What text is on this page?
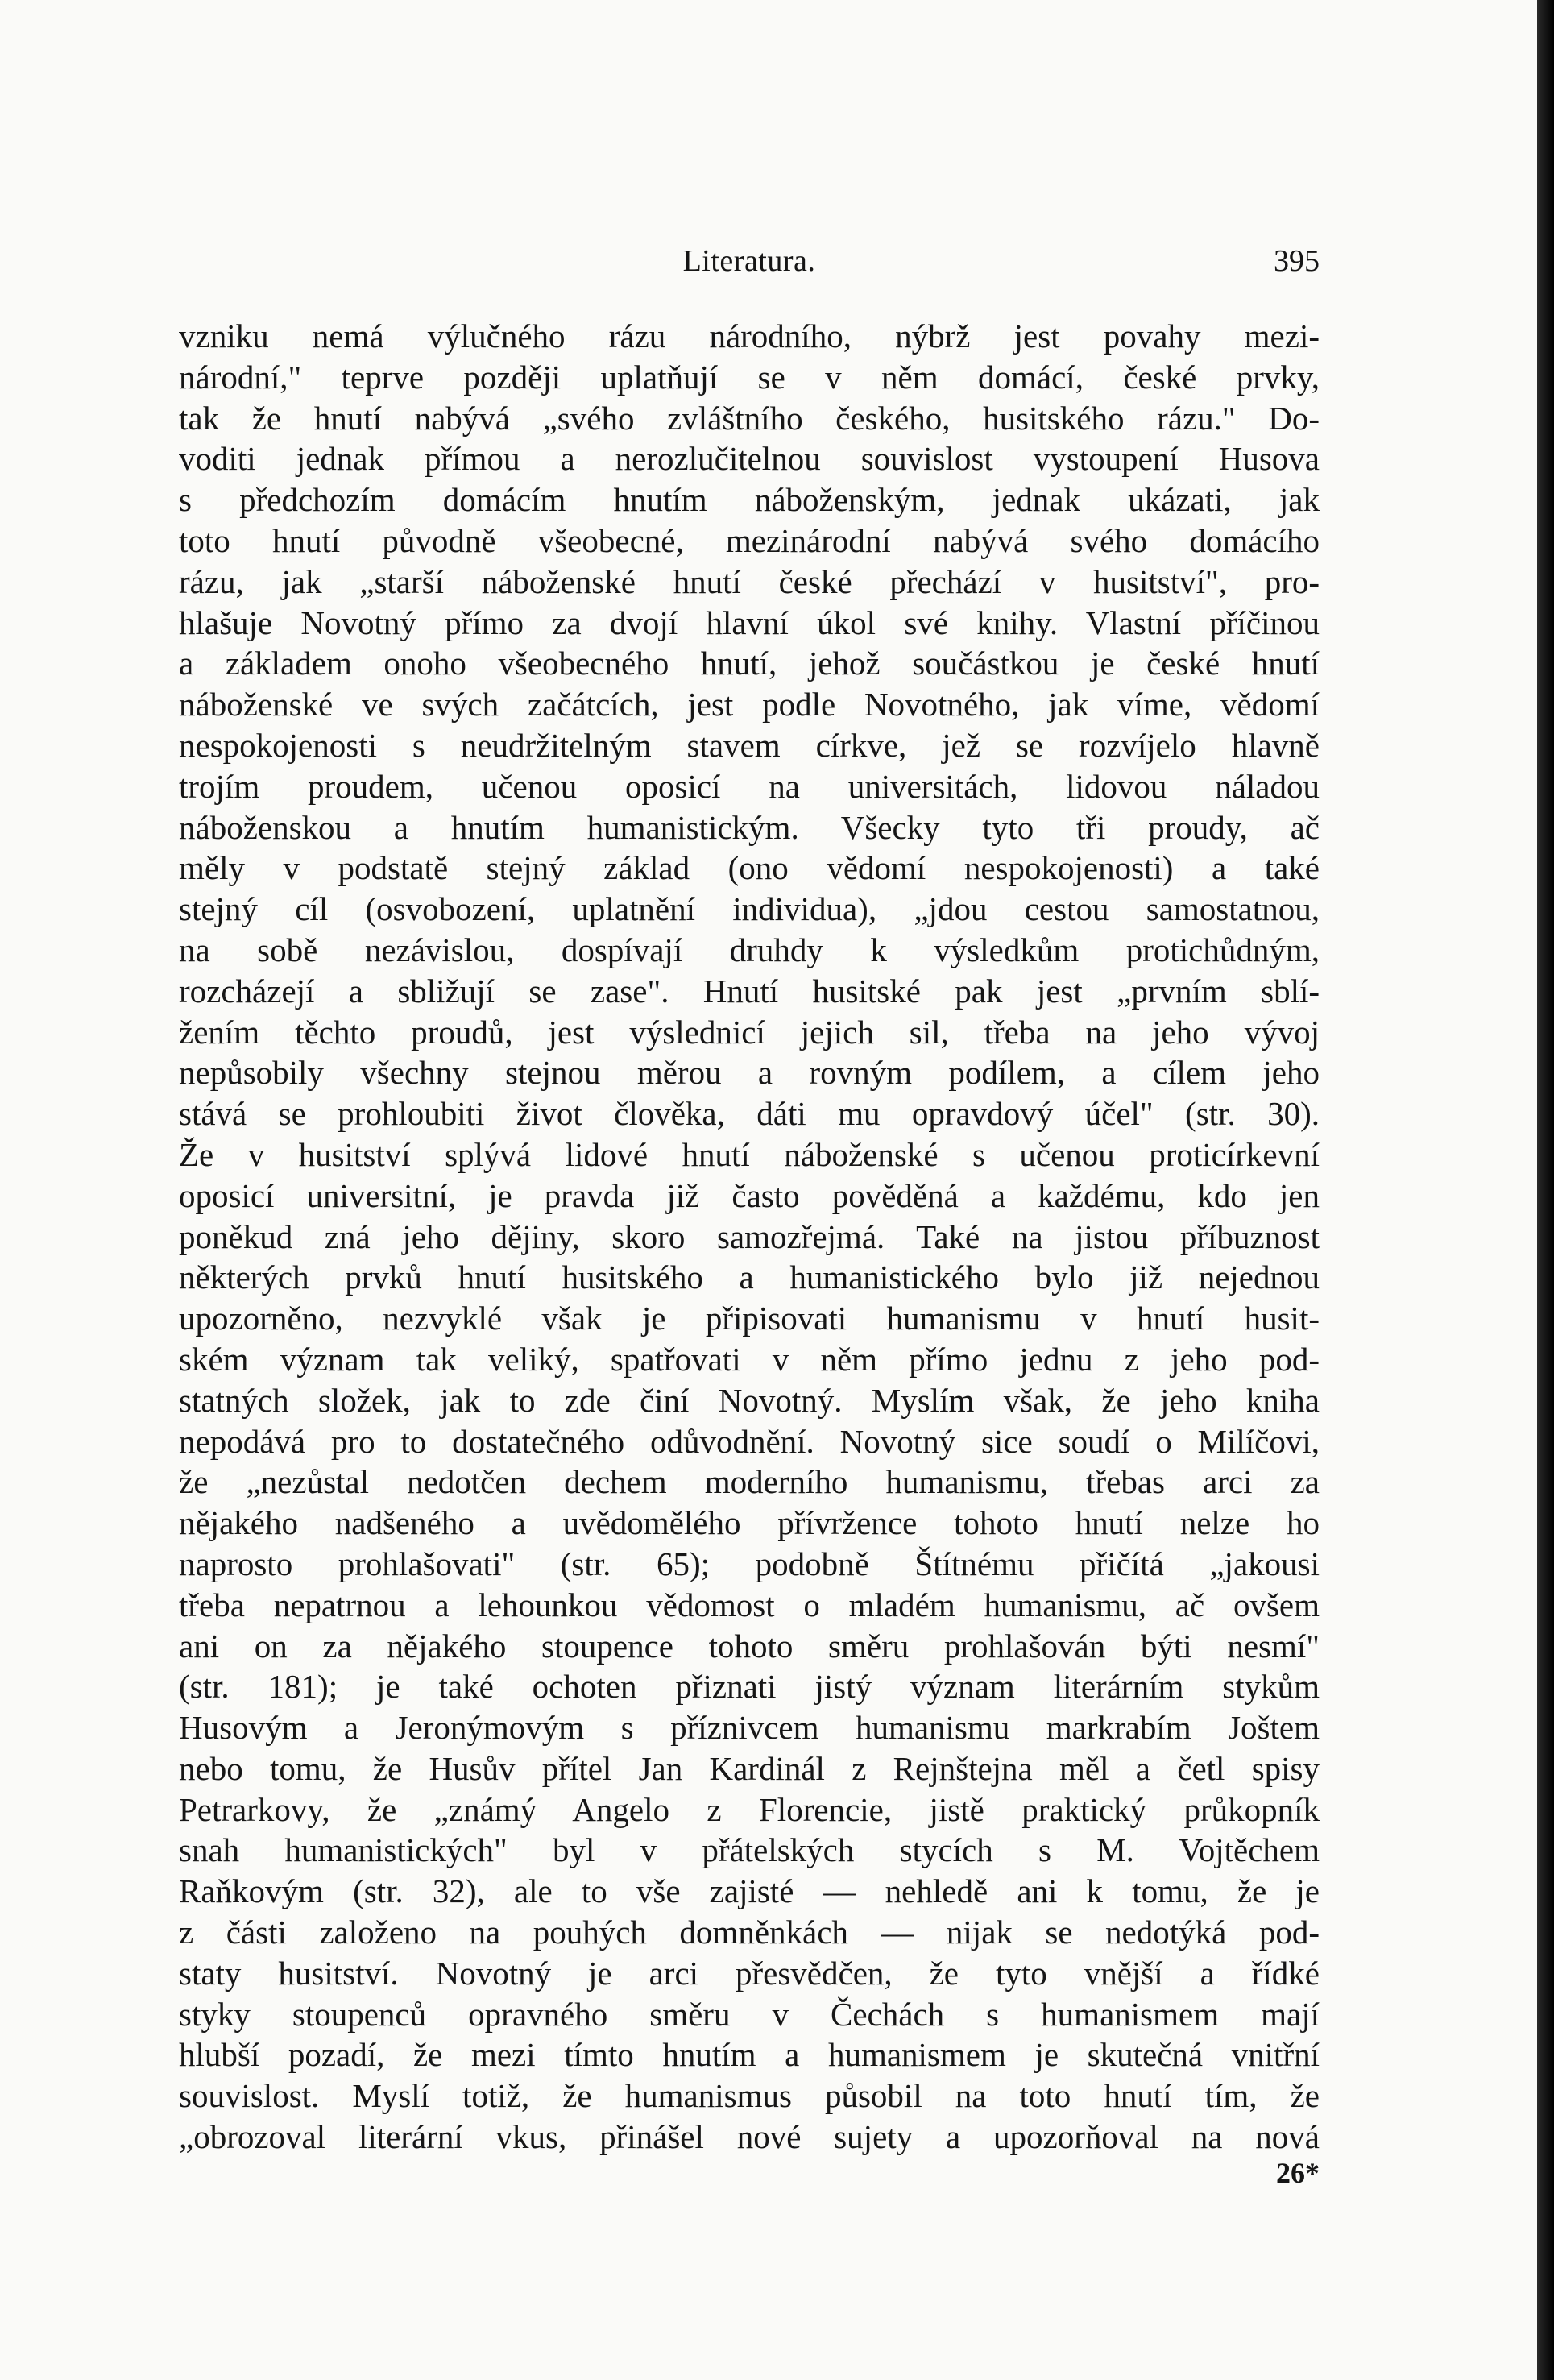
Literatura.	395
vzniku nemá výlučného rázu národního, nýbrž jest povahy mezi-
národní," teprve později uplatňují se v něm domácí, české prvky,
tak že hnutí nabývá „svého zvláštního českého, husitského rázu." Do-
voditi jednak přímou a nerozlučitelnou souvislost vystoupení Husova
s předchozím domácím hnutím náboženským, jednak ukázati, jak
toto hnutí původně všeobecné, mezinárodní nabývá svého domácího
rázu, jak „starší náboženské hnutí české přechází v husitství", pro-
hlašuje Novotný přímo za dvojí hlavní úkol své knihy. Vlastní příčinou
a základem onoho všeobecného hnutí, jehož součástkou je české hnutí
náboženské ve svých začátcích, jest podle Novotného, jak víme, vědomí
nespokojenosti s neudržitelným stavem církve, jež se rozvíjelo hlavně
trojím proudem, učenou oposicí na universitách, lidovou náladou
náboženskou a hnutím humanistickým. Všecky tyto tři proudy, ač
měly v podstatě stejný základ (ono vědomí nespokojenosti) a také
stejný cíl (osvobození, uplatnění individua), „jdou cestou samostatnou,
na sobě nezávislou, dospívají druhdy k výsledkům protichůdným,
rozcházejí a sbližují se zase". Hnutí husitské pak jest „prvním sblí-
žením těchto proudů, jest výslednicí jejich sil, třeba na jeho vývoj
nepůsobily všechny stejnou měrou a rovným podílem, a cílem jeho
stává se prohloubiti život člověka, dáti mu opravdový účel" (str. 30).
Že v husitství splývá lidové hnutí náboženské s učenou proticírkevní
oposicí universitní, je pravda již často pověděná a každému, kdo jen
poněkud zná jeho dějiny, skoro samozřejmá. Také na jistou příbuznost
některých prvků hnutí husitského a humanistického bylo již nejednou
upozorněno, nezvyklé však je připisovati humanismu v hnutí husit-
ském význam tak veliký, spatřovati v něm přímo jednu z jeho pod-
statných složek, jak to zde činí Novotný. Myslím však, že jeho kniha
nepodává pro to dostatečného odůvodnění. Novotný sice soudí o Milíčovi,
že „nezůstal nedotčen dechem moderního humanismu, třebas arci za
nějakého nadšeného a uvědomělého přívržence tohoto hnutí nelze ho
naprosto prohlašovati" (str. 65); podobně Štítnému přičítá „jakousi
třeba nepatrnou a lehounkou vědomost o mladém humanismu, ač ovšem
ani on za nějakého stoupence tohoto směru prohlašován býti nesmí"
(str. 181); je také ochoten přiznati jistý význam literárním stykům
Husovým a Jeronýmovým s příznivcem humanismu markrabím Joštem
nebo tomu, že Husův přítel Jan Kardinál z Rejnštejna měl a četl spisy
Petrarkovy, že „známý Angelo z Florencie, jistě praktický průkopník
snah humanistických" byl v přátelských stycích s M. Vojtěchem
Raňkovým (str. 32), ale to vše zajisté — nehledě ani k tomu, že je
z části založeno na pouhých domněnkách — nijak se nedotýká pod-
staty husitství. Novotný je arci přesvědčen, že tyto vnější a řídké
styky stoupenců opravného směru v Čechách s humanismem mají
hlubší pozadí, že mezi tímto hnutím a humanismem je skutečná vnitřní
souvislost. Myslí totiž, že humanismus působil na toto hnutí tím, že
„obrozoval literární vkus, přinášel nové sujety a upozorňoval na nová
26*
